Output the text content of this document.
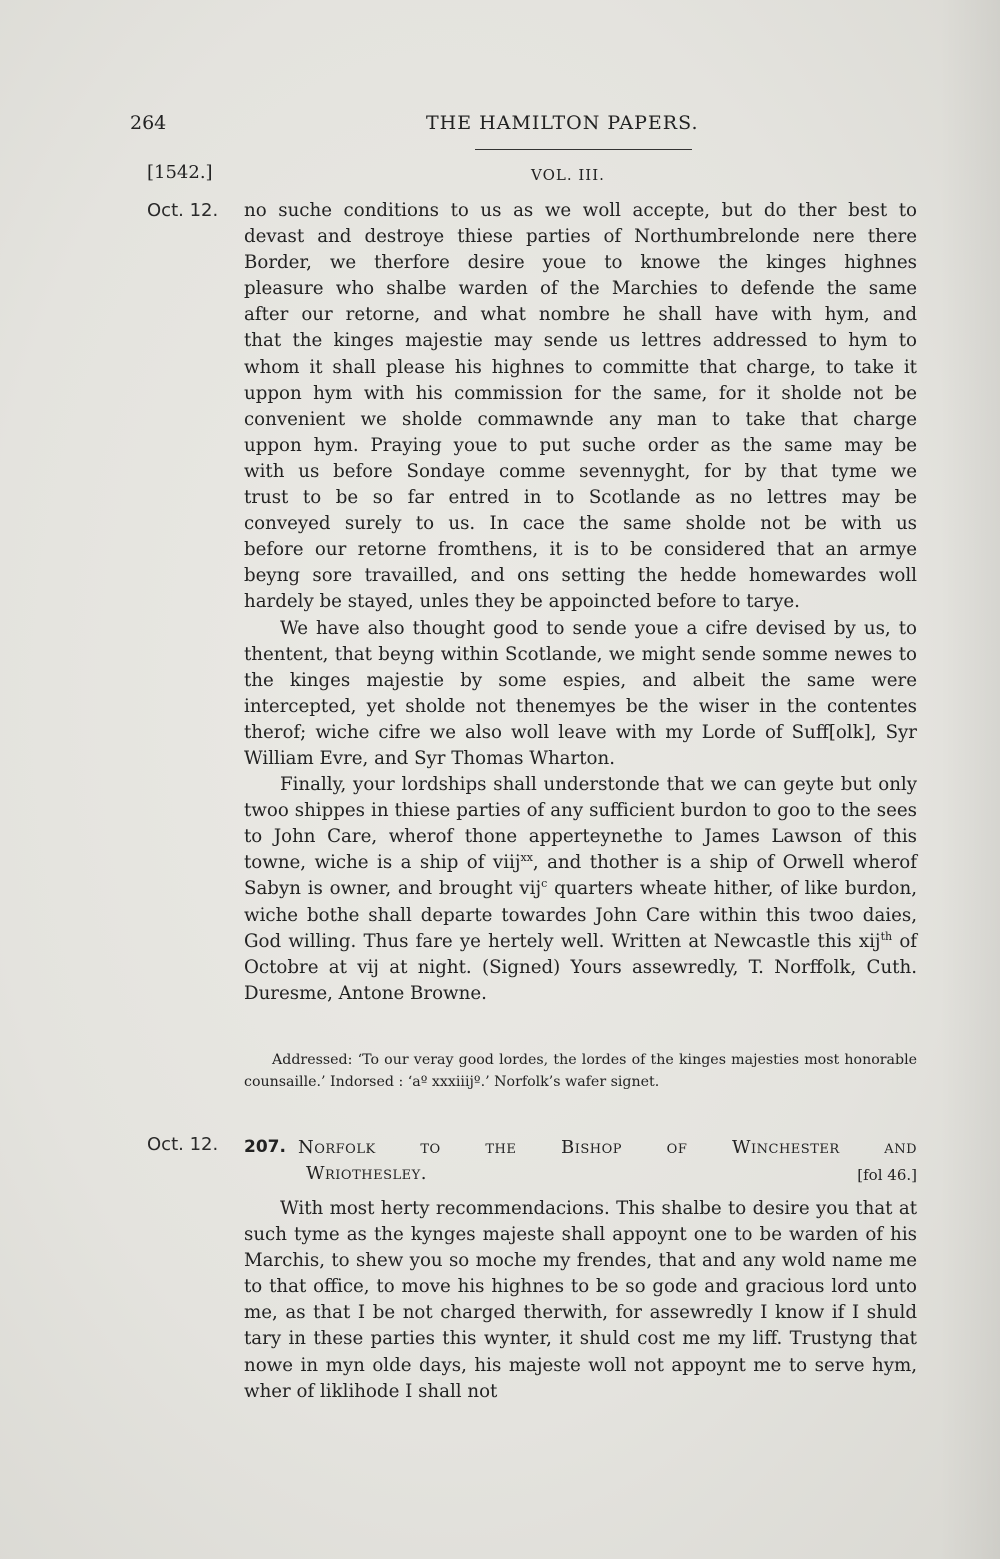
264	THE HAMILTON PAPERS.
[1542.]	VOL. III.
Oct. 12. no suche conditions to us as we woll accepte, but do ther best to

devast and destroye thiese parties of Northumbrelonde nere there

Border, we therfore desire youe to knowe the kinges highnes

pleasure who shalbe warden of the Marchies to defende the same

after our retorne, and what nombre he shall have with hym, and

that the kinges majestie may sende us lettres addressed to hym to

whom it shall please his highnes to committe that charge, to take it

uppon hym with his commission for the same, for it sholde not be

convenient we sholde commawnde any man to take that charge

uppon hym. Praying youe to put suche order as the same may be

with us before Sondaye comme sevennyght, for by that tyme we

trust to be so far entred in to Scotlande as no lettres may be

conveyed surely to us. In cace the same sholde not be with us

before our retorne fromthens, it is to be considered that an armye

beyng sore travailled, and ons setting the hedde homewardes woll

hardely be stayed, unles they be appoincted before to tarye.

We have also thought good to sende youe a cifre devised by us, to thentent, that beyng within Scotlande, we might sende somme newes to the kinges majestie by some espies, and albeit the same were intercepted, yet sholde not thenemyes be the wiser in the contentes therof; wiche cifre we also woll leave with my Lorde of Suff[olk], Syr William Evre, and Syr Thomas Wharton.

Finally, your lordships shall understonde that we can geyte but only twoo shippes in thiese parties of any sufficient burdon to goo to the sees to John Care, wherof thone apperteynethe to James Lawson of this towne, wiche is a ship of viij$^{xx}$, and thother is a ship of Orwell wherof Sabyn is owner, and brought vij$^c$ quarters wheate hither, of like burdon, wiche bothe shall departe towardes John Care within this twoo daies, God willing. Thus fare ye hertely well. Written at Newcastle this xij$^{th}$ of Octobre at vij at night. (Signed) Yours assewredly, T. Norffolk, Cuth. Duresme, Antone Browne.

Addressed: ‘To our veray good lordes, the lordes of the kinges majesties most honorable counsaille.’ Indorsed : ‘aº xxxiiijº.’ Norfolk’s wafer signet.
Oct. 12. 207. Norfolk to the Bishop of Winchester and
Wriothesley.	[fol 46.]

With most herty recommendacions. This shalbe to desire you that at such tyme as the kynges majeste shall appoynt one to be warden of his Marchis, to shew you so moche my frendes, that and any wold name me to that office, to move his highnes to be so gode and gracious lord unto me, as that I be not charged therwith, for assewredly I know if I shuld tary in these parties this wynter, it shuld cost me my liff. Trustyng that nowe in myn olde days, his majeste woll not appoynt me to serve hym, wher of liklihode I shall not
